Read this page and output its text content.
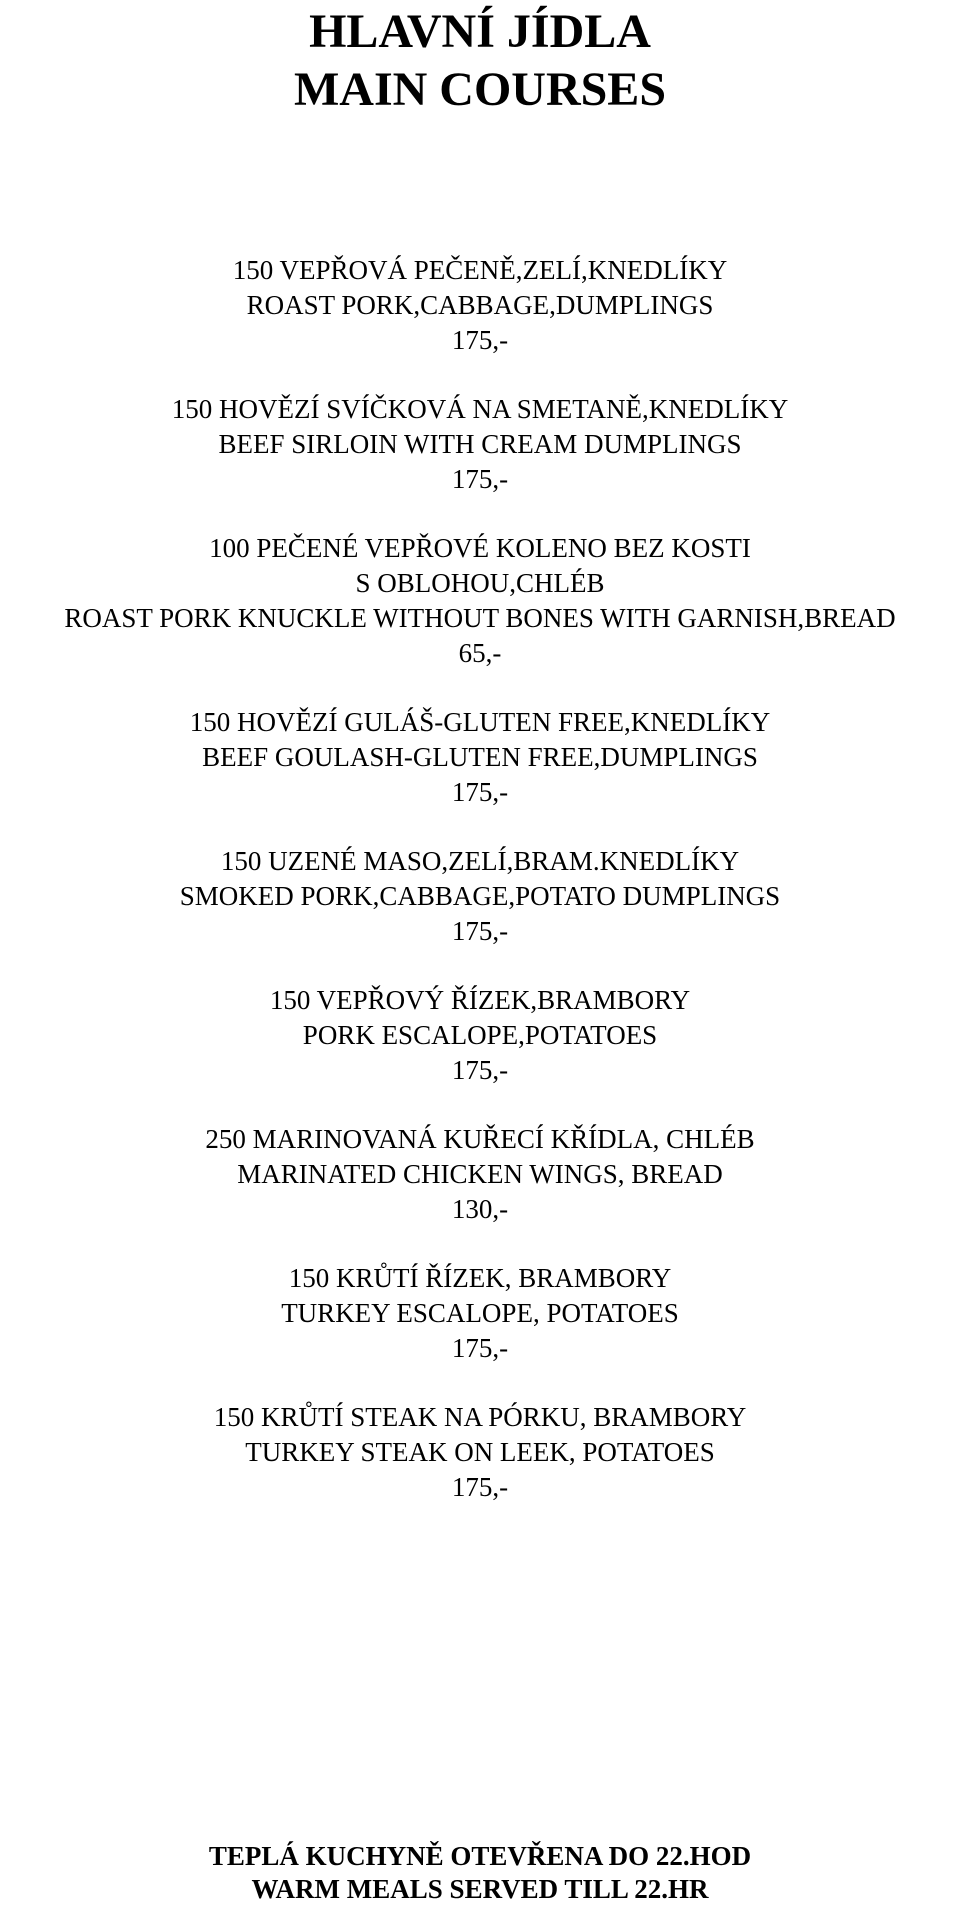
HLAVNÍ JÍDLA
MAIN COURSES
150 VEPŘOVÁ PEČENĚ,ZELÍ,KNEDLÍKY
ROAST PORK,CABBAGE,DUMPLINGS
175,-
150 HOVĚZÍ SVÍČKOVÁ NA SMETANĚ,KNEDLÍKY
BEEF SIRLOIN WITH CREAM DUMPLINGS
175,-
100 PEČENÉ VEPŘOVÉ KOLENO BEZ KOSTI
S OBLOHOU,CHLÉB
ROAST PORK KNUCKLE WITHOUT BONES WITH GARNISH,BREAD
65,-
150 HOVĚZÍ GULÁŠ-GLUTEN FREE,KNEDLÍKY
BEEF GOULASH-GLUTEN FREE,DUMPLINGS
175,-
150 UZENÉ MASO,ZELÍ,BRAM.KNEDLÍKY
SMOKED PORK,CABBAGE,POTATO DUMPLINGS
175,-
150 VEPŘOVÝ ŘÍZEK,BRAMBORY
PORK ESCALOPE,POTATOES
175,-
250 MARINOVANÁ KUŘECÍ KŘÍDLA, CHLÉB
MARINATED CHICKEN WINGS, BREAD
130,-
150 KRŮTÍ ŘÍZEK, BRAMBORY
TURKEY ESCALOPE, POTATOES
175,-
150 KRŮTÍ STEAK NA PÓRKU, BRAMBORY
TURKEY STEAK ON LEEK, POTATOES
175,-
TEPLÁ KUCHYNĚ OTEVŘENA DO 22.HOD
WARM MEALS SERVED TILL 22.HR
